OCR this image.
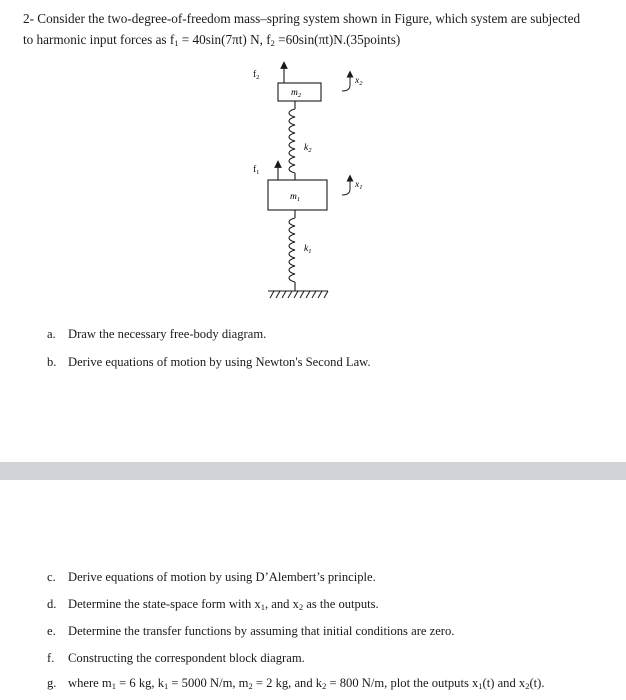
2- Consider the two-degree-of-freedom mass–spring system shown in Figure, which system are subjected

to harmonic input forces as $f_1 = 40\sin(7\pi t)$ N, $f_2$ =60sin(πt)N.(35points)

$k_1$
$k_2$
$m_2$
$m_1$
$f_2$
$f_1$
$x_2$
$x_1$
a. Draw the necessary free-body diagram.
b. Derive equations of motion by using Newton's Second Law.
c. Derive equations of motion by using D’Alembert’s principle.
d. Determine the state-space form with $x_1$, and $x_2$ as the outputs.
e. Determine the transfer functions by assuming that initial conditions are zero.
f.	Constructing the correspondent block diagram.
g. where $m_1 = 6$ kg, $k_1 = 5000$ N/m, $m_2 = 2$ kg, and $k_2 = 800$ N/m, plot the outputs $x_1(t)$ and $x_2(t)$.
